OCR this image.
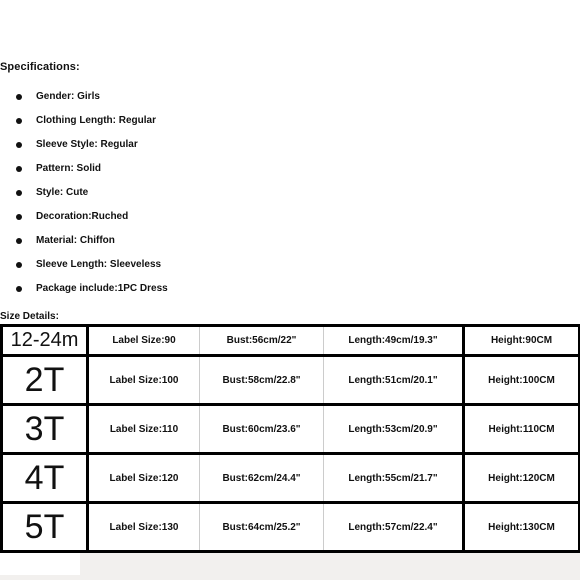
Specifications:
Gender: Girls
Clothing Length: Regular
Sleeve Style: Regular
Pattern: Solid
Style: Cute
Decoration:Ruched
Material: Chiffon
Sleeve Length: Sleeveless
Package include:1PC Dress
Size Details:
12-24m	Label Size:90	Bust:56cm/22"	Length:49cm/19.3"	Height:90CM
2T	Label Size:100	Bust:58cm/22.8"	Length:51cm/20.1"	Height:100CM
3T	Label Size:110	Bust:60cm/23.6"	Length:53cm/20.9"	Height:110CM
4T	Label Size:120	Bust:62cm/24.4"	Length:55cm/21.7"	Height:120CM
5T	Label Size:130	Bust:64cm/25.2"	Length:57cm/22.4"	Height:130CM
